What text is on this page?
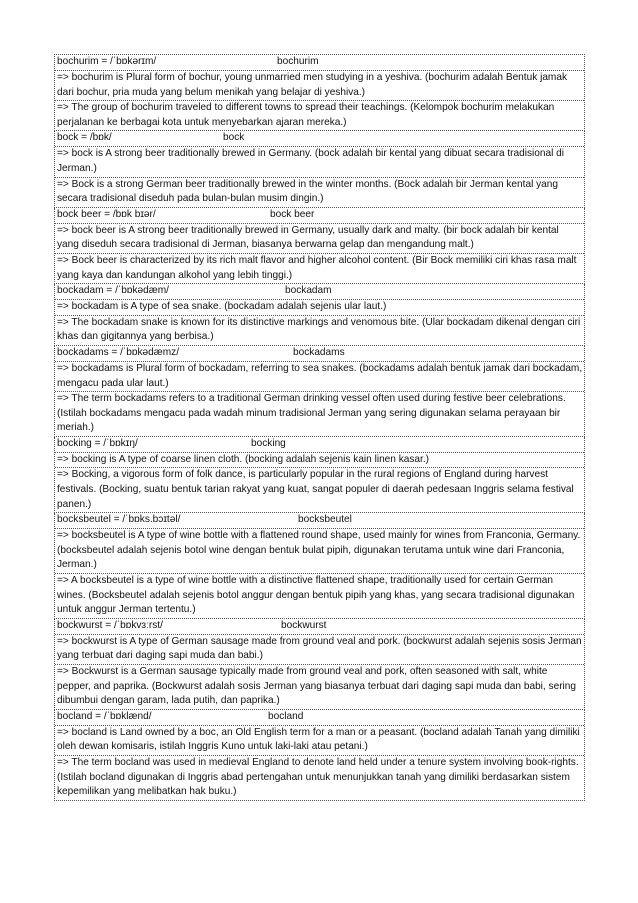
bochurim = /ˈbɒkərɪm/	bochurim
=> bochurim is Plural form of bochur, young unmarried men studying in a yeshiva. (bochurim adalah Bentuk jamak dari bochur, pria muda yang belum menikah yang belajar di yeshiva.)
=> The group of bochurim traveled to different towns to spread their teachings. (Kelompok bochurim melakukan perjalanan ke berbagai kota untuk menyebarkan ajaran mereka.)
bock = /bɒk/	bock
=> bock is A strong beer traditionally brewed in Germany. (bock adalah bir kental yang dibuat secara tradisional di Jerman.)
=> Bock is a strong German beer traditionally brewed in the winter months. (Bock adalah bir Jerman kental yang secara tradisional diseduh pada bulan-bulan musim dingin.)
bock beer = /bɒk bɪər/	bock beer
=> bock beer is A strong beer traditionally brewed in Germany, usually dark and malty. (bir bock adalah bir kental yang diseduh secara tradisional di Jerman, biasanya berwarna gelap dan mengandung malt.)
=> Bock beer is characterized by its rich malt flavor and higher alcohol content. (Bir Bock memiliki ciri khas rasa malt yang kaya dan kandungan alkohol yang lebih tinggi.)
bockadam = /ˈbɒkədæm/	bockadam
=> bockadam is A type of sea snake. (bockadam adalah sejenis ular laut.)
=> The bockadam snake is known for its distinctive markings and venomous bite. (Ular bockadam dikenal dengan ciri khas dan gigitannya yang berbisa.)
bockadams = /ˈbɒkədæmz/	bockadams
=> bockadams is Plural form of bockadam, referring to sea snakes. (bockadams adalah bentuk jamak dari bockadam, mengacu pada ular laut.)
=> The term bockadams refers to a traditional German drinking vessel often used during festive beer celebrations. (Istilah bockadams mengacu pada wadah minum tradisional Jerman yang sering digunakan selama perayaan bir meriah.)
bocking = /ˈbɒkɪŋ/	bocking
=> bocking is A type of coarse linen cloth. (bocking adalah sejenis kain linen kasar.)
=> Bocking, a vigorous form of folk dance, is particularly popular in the rural regions of England during harvest festivals. (Bocking, suatu bentuk tarian rakyat yang kuat, sangat populer di daerah pedesaan Inggris selama festival panen.)
bocksbeutel = /ˈbɒks.bɔɪtəl/	bocksbeutel
=> bocksbeutel is A type of wine bottle with a flattened round shape, used mainly for wines from Franconia, Germany. (bocksbeutel adalah sejenis botol wine dengan bentuk bulat pipih, digunakan terutama untuk wine dari Franconia, Jerman.)
=> A bocksbeutel is a type of wine bottle with a distinctive flattened shape, traditionally used for certain German wines. (Bocksbeutel adalah sejenis botol anggur dengan bentuk pipih yang khas, yang secara tradisional digunakan untuk anggur Jerman tertentu.)
bockwurst = /ˈbɒkvɜːrst/	bockwurst
=> bockwurst is A type of German sausage made from ground veal and pork. (bockwurst adalah sejenis sosis Jerman yang terbuat dari daging sapi muda dan babi.)
=> Bockwurst is a German sausage typically made from ground veal and pork, often seasoned with salt, white pepper, and paprika. (Bockwurst adalah sosis Jerman yang biasanya terbuat dari daging sapi muda dan babi, sering dibumbui dengan garam, lada putih, dan paprika.)
bocland = /ˈbɒklænd/	bocland
=> bocland is Land owned by a boc, an Old English term for a man or a peasant. (bocland adalah Tanah yang dimiliki oleh dewan komisaris, istilah Inggris Kuno untuk laki-laki atau petani.)
=> The term bocland was used in medieval England to denote land held under a tenure system involving book-rights. (Istilah bocland digunakan di Inggris abad pertengahan untuk menunjukkan tanah yang dimiliki berdasarkan sistem kepemilikan yang melibatkan hak buku.)
